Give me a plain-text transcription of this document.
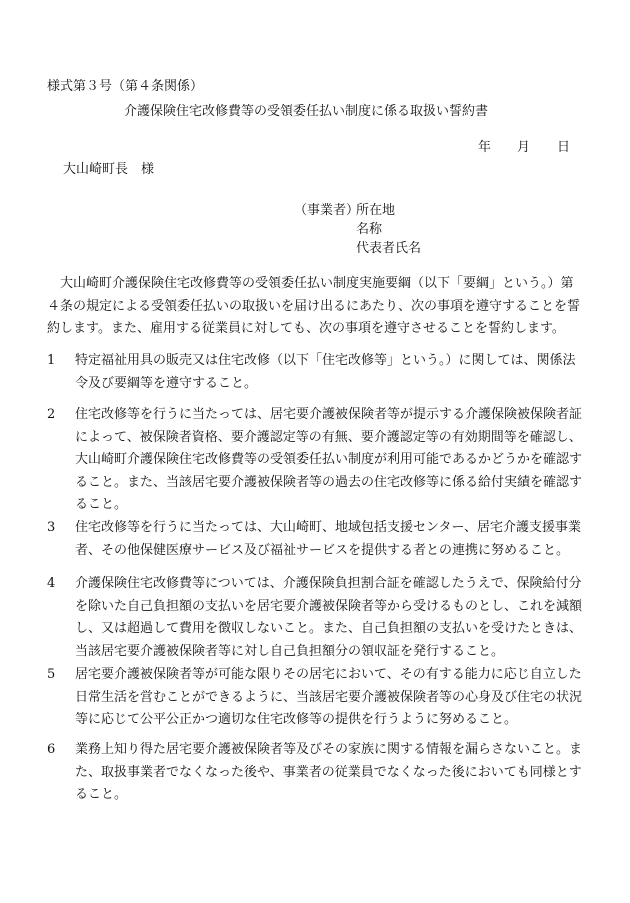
様式第３号（第４条関係）
介護保険住宅改修費等の受領委任払い制度に係る取扱い誓約書
年 月 日
大山崎町長　様
（事業者）
所在地
名称
代表者氏名
大山崎町介護保険住宅改修費等の受領委任払い制度実施要綱（以下「要綱」という。）第４条の規定による受領委任払いの取扱いを届け出るにあたり、次の事項を遵守することを誓約します。また、雇用する従業員に対しても、次の事項を遵守させることを誓約します。
1	特定福祉用具の販売又は住宅改修（以下「住宅改修等」という。）に関しては、関係法令及び要綱等を遵守すること。
2	住宅改修等を行うに当たっては、居宅要介護被保険者等が提示する介護保険被保険者証によって、被保険者資格、要介護認定等の有無、要介護認定等の有効期間等を確認し、大山崎町介護保険住宅改修費等の受領委任払い制度が利用可能であるかどうかを確認すること。また、当該居宅要介護被保険者等の過去の住宅改修等に係る給付実績を確認すること。
3	住宅改修等を行うに当たっては、大山崎町、地域包括支援センター、居宅介護支援事業者、その他保健医療サービス及び福祉サービスを提供する者との連携に努めること。
4	介護保険住宅改修費等については、介護保険負担割合証を確認したうえで、保険給付分を除いた自己負担額の支払いを居宅要介護被保険者等から受けるものとし、これを減額し、又は超過して費用を徴収しないこと。また、自己負担額の支払いを受けたときは、当該居宅要介護被保険者等に対し自己負担額分の領収証を発行すること。
5	居宅要介護被保険者等が可能な限りその居宅において、その有する能力に応じ自立した日常生活を営むことができるように、当該居宅要介護被保険者等の心身及び住宅の状況等に応じて公平公正かつ適切な住宅改修等の提供を行うように努めること。
6	業務上知り得た居宅要介護被保険者等及びその家族に関する情報を漏らさないこと。また、取扱事業者でなくなった後や、事業者の従業員でなくなった後においても同様とすること。
